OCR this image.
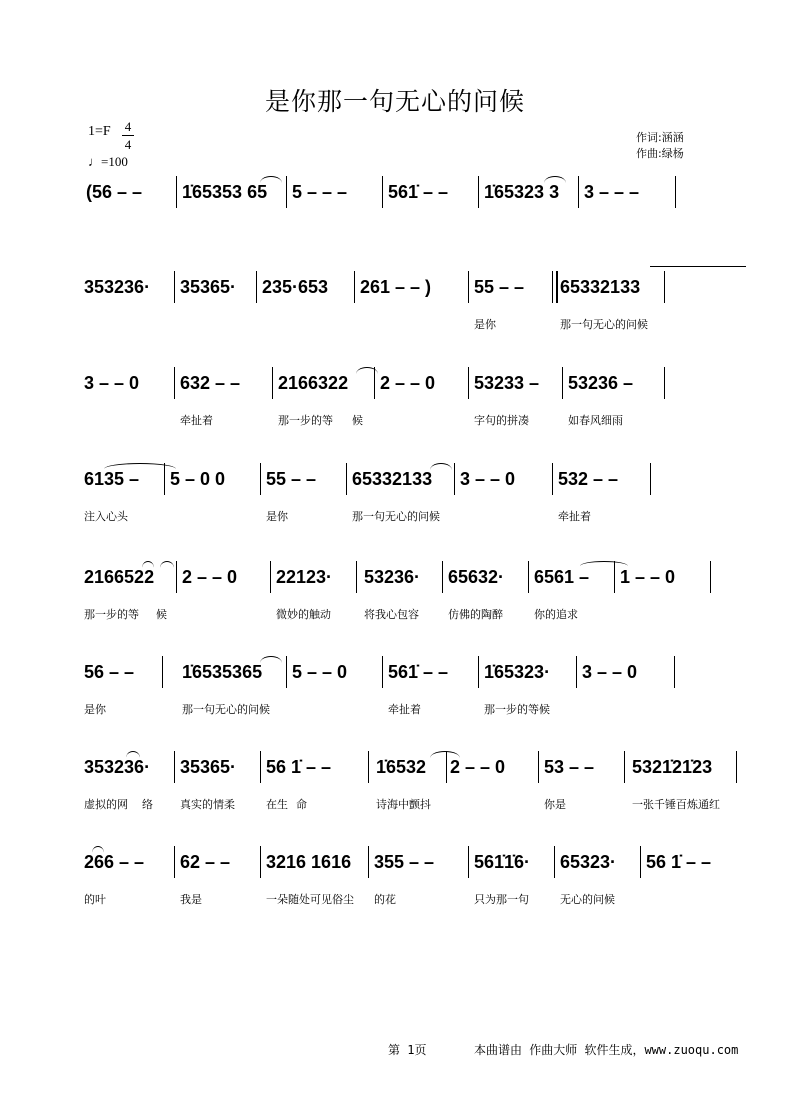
是你那一句无心的问候
1=F 4
4
♩=100
作词:涵涵
作曲:绿杨
(56 – – 1̇65353 65 5 – – – 561̇ – – 1̇65323 3 3 – – –
353236· 35365· 235·653 261 – – ) 55 – – 65332133
是你	那一句无心的问候
3 – – 0 632 – – 2166322 2 – – 0 53233 – 53236 –
牵扯着	那一步的等 候	字句的拼凑	如春风细雨
6135 – 5 – 0 0 55 – – 65332133 3 – – 0 532 – –
注入心头	是你	那一句无心的问候	牵扯着
2166522 2 – – 0 22123· 53236· 65632· 6561 – 1 – – 0
那一步的等 候	微妙的触动	将我心包容	仿佛的陶醉	你的追求
56 – –	1̇6535365 5 – – 0 561̇ – – 1̇65323· 3 – – 0
是你	那一句无心的问候	牵扯着	那一步的等候
353236· 35365· 56 1̇ – – 1̇6532 2 – – 0 53 – – 5321̇21̇23
虚拟的网 络 真实的情柔	在生 命	诗海中颤抖	你是	一张千锤百炼通红
266 – – 62 – – 3216 1616 355 – – 561̇1̇6· 65323· 56 1̇ – –
的叶	我是	一朵随处可见俗尘 的花	只为那一句	无心的问候
第 1页	本曲谱由 作曲大师 软件生成，www.zuoqu.com
